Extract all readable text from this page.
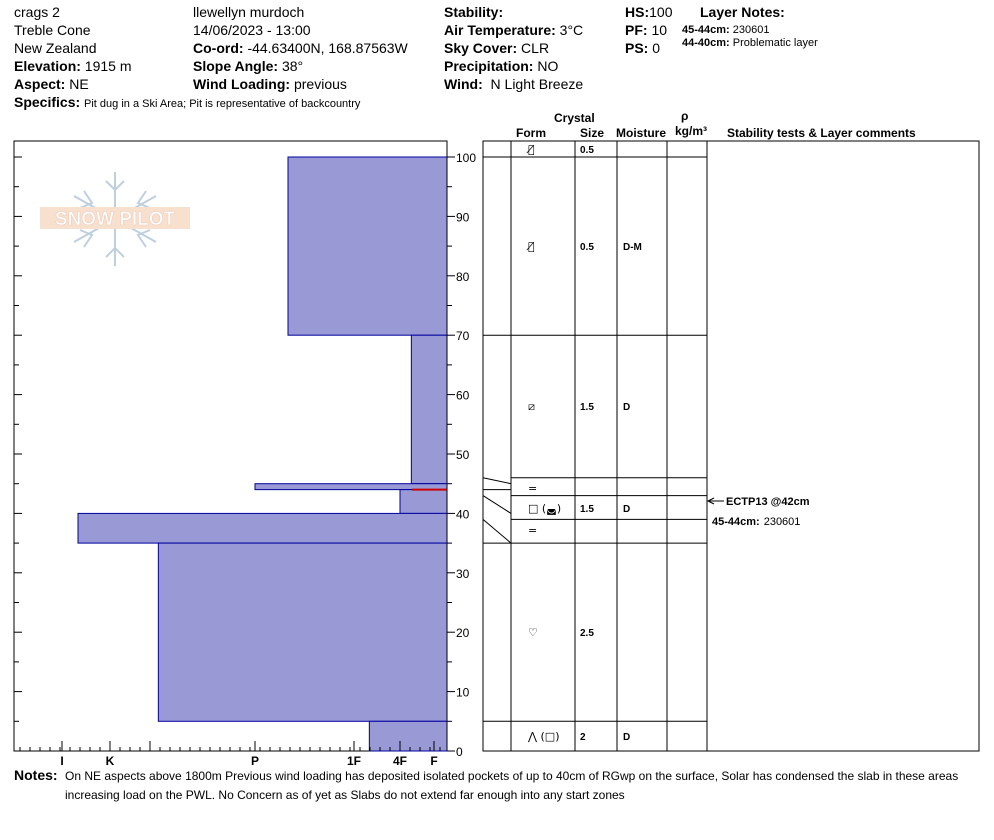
crags 2
Treble Cone
New Zealand
Elevation: 1915 m
Aspect: NE
Specifics: Pit dug in a Ski Area; Pit is representative of backcountry
llewellyn murdoch
14/06/2023 - 13:00
Co-ord: -44.63400N, 168.87563W
Slope Angle: 38°
Wind Loading: previous
Stability:
Air Temperature: 3°C
Sky Cover: CLR
Precipitation: NO
Wind: N Light Breeze
HS:100
PF: 10
PS: 0
Layer Notes:
45-44cm: 230601
44-40cm: Problematic layer
Crystal
Form	Size Moisture
ρ
kg/m³ Stability tests & Layer comments
SNOW PILOT
0
10
20
30
40
50
60
70
80
90
100
I	K	P	1F	4F F
⦿̸	0.5
⦿̸	0.5	D-M
⧄	1.5	D
=
□ (◛) 1.5	D
=
♡	2.5
⋀ (□) 2	D
ECTP13 @42cm
45-44cm: 230601
Notes: On NE aspects above 1800m Previous wind loading has deposited isolated pockets of up to 40cm of RGwp on the surface, Solar has condensed the slab in these areas increasing load on the PWL. No Concern as of yet as Slabs do not extend far enough into any start zones
